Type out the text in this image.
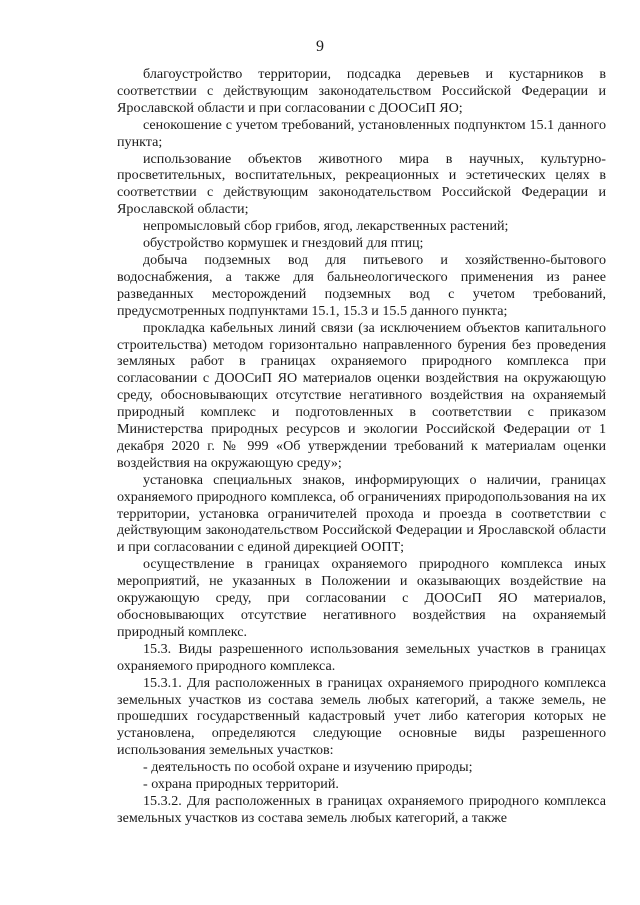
9

благоустройство территории, подсадка деревьев и кустарников в соответствии с действующим законодательством Российской Федерации и Ярославской области и при согласовании с ДООСиП ЯО;

сенокошение с учетом требований, установленных подпунктом 15.1 данного пункта;

использование объектов животного мира в научных, культурно-просветительных, воспитательных, рекреационных и эстетических целях в соответствии с действующим законодательством Российской Федерации и Ярославской области;

непромысловый сбор грибов, ягод, лекарственных растений;

обустройство кормушек и гнездовий для птиц;

добыча подземных вод для питьевого и хозяйственно-бытового водоснабжения, а также для бальнеологического применения из ранее разведанных месторождений подземных вод с учетом требований, предусмотренных подпунктами 15.1, 15.3 и 15.5 данного пункта;

прокладка кабельных линий связи (за исключением объектов капитального строительства) методом горизонтально направленного бурения без проведения земляных работ в границах охраняемого природного комплекса при согласовании с ДООСиП ЯО материалов оценки воздействия на окружающую среду, обосновывающих отсутствие негативного воздействия на охраняемый природный комплекс и подготовленных в соответствии с приказом Министерства природных ресурсов и экологии Российской Федерации от 1 декабря 2020 г. № 999 «Об утверждении требований к материалам оценки воздействия на окружающую среду»;

установка специальных знаков, информирующих о наличии, границах охраняемого природного комплекса, об ограничениях природопользования на их территории, установка ограничителей прохода и проезда в соответствии с действующим законодательством Российской Федерации и Ярославской области и при согласовании с единой дирекцией ООПТ;

осуществление в границах охраняемого природного комплекса иных мероприятий, не указанных в Положении и оказывающих воздействие на окружающую среду, при согласовании с ДООСиП ЯО материалов, обосновывающих отсутствие негативного воздействия на охраняемый природный комплекс.

15.3. Виды разрешенного использования земельных участков в границах охраняемого природного комплекса.

15.3.1. Для расположенных в границах охраняемого природного комплекса земельных участков из состава земель любых категорий, а также земель, не прошедших государственный кадастровый учет либо категория которых не установлена, определяются следующие основные виды разрешенного использования земельных участков:

- деятельность по особой охране и изучению природы;

- охрана природных территорий.

15.3.2. Для расположенных в границах охраняемого природного комплекса земельных участков из состава земель любых категорий, а также
